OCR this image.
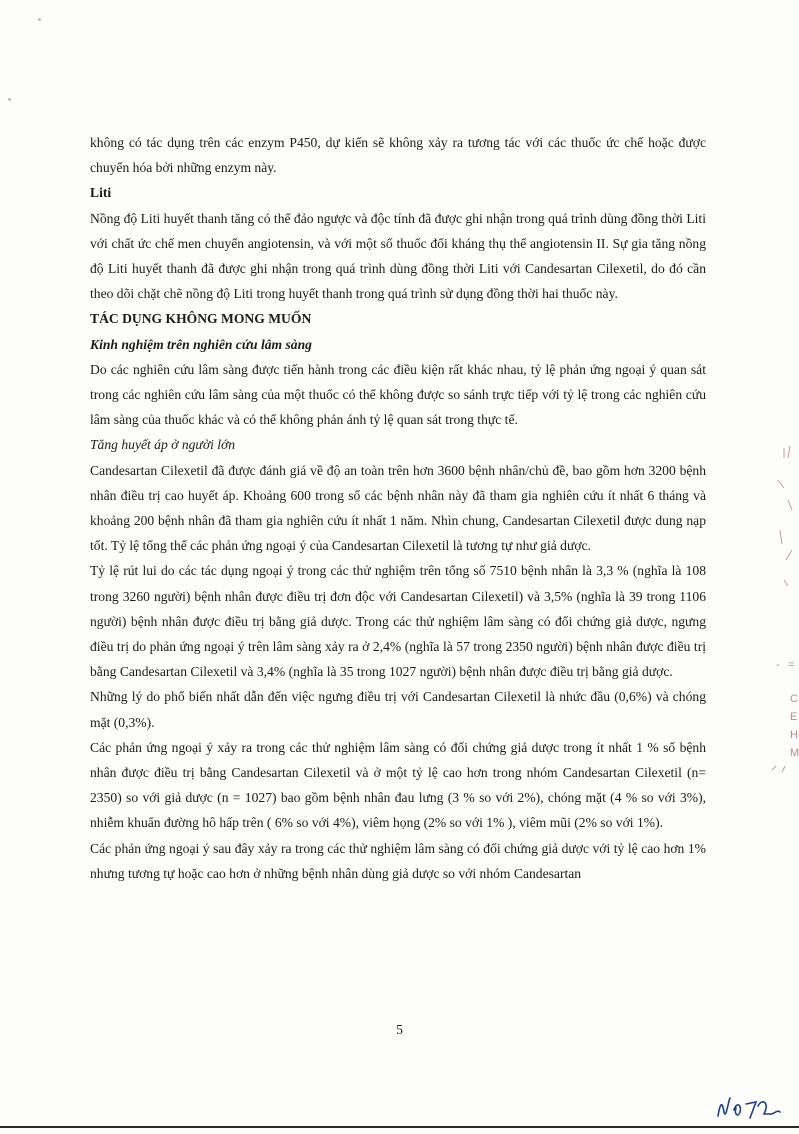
không có tác dụng trên các enzym P450, dự kiến sẽ không xảy ra tương tác với các thuốc ức chế hoặc được chuyển hóa bởi những enzym này.

Liti

Nồng độ Liti huyết thanh tăng có thể đảo ngược và độc tính đã được ghi nhận trong quá trình dùng đồng thời Liti với chất ức chế men chuyển angiotensin, và với một số thuốc đối kháng thụ thể angiotensin II. Sự gia tăng nồng độ Liti huyết thanh đã được ghi nhận trong quá trình dùng đồng thời Liti với Candesartan Cilexetil, do đó cần theo dõi chặt chẽ nồng độ Liti trong huyết thanh trong quá trình sử dụng đồng thời hai thuốc này.

TÁC DỤNG KHÔNG MONG MUỐN

Kinh nghiệm trên nghiên cứu lâm sàng

Do các nghiên cứu lâm sàng được tiến hành trong các điều kiện rất khác nhau, tỷ lệ phản ứng ngoại ý quan sát trong các nghiên cứu lâm sàng của một thuốc có thể không được so sánh trực tiếp với tỷ lệ trong các nghiên cứu lâm sàng của thuốc khác và có thể không phản ánh tỷ lệ quan sát trong thực tế.

Tăng huyết áp ở người lớn

Candesartan Cilexetil đã được đánh giá về độ an toàn trên hơn 3600 bệnh nhân/chủ đề, bao gồm hơn 3200 bệnh nhân điều trị cao huyết áp. Khoảng 600 trong số các bệnh nhân này đã tham gia nghiên cứu ít nhất 6 tháng và khoảng 200 bệnh nhân đã tham gia nghiên cứu ít nhất 1 năm. Nhìn chung, Candesartan Cilexetil được dung nạp tốt. Tỷ lệ tổng thể các phản ứng ngoại ý của Candesartan Cilexetil là tương tự như giả dược.

Tỷ lệ rút lui do các tác dụng ngoại ý trong các thử nghiệm trên tổng số 7510 bệnh nhân là 3,3 % (nghĩa là 108 trong 3260 người) bệnh nhân được điều trị đơn độc với Candesartan Cilexetil) và 3,5% (nghĩa là 39 trong 1106 người) bệnh nhân được điều trị bằng giả dược. Trong các thử nghiệm lâm sàng có đối chứng giả dược, ngưng điều trị do phản ứng ngoại ý trên lâm sàng xảy ra ở 2,4% (nghĩa là 57 trong 2350 người) bệnh nhân được điều trị bằng Candesartan Cilexetil và 3,4% (nghĩa là 35 trong 1027 người) bệnh nhân được điều trị bằng giả dược.

Những lý do phổ biến nhất dẫn đến việc ngưng điều trị với Candesartan Cilexetil là nhức đầu (0,6%) và chóng mặt (0,3%).

Các phản ứng ngoại ý xảy ra trong các thử nghiệm lâm sàng có đối chứng giả dược trong ít nhất 1 % số bệnh nhân được điều trị bằng Candesartan Cilexetil và ở một tỷ lệ cao hơn trong nhóm Candesartan Cilexetil (n= 2350) so với giả dược (n = 1027) bao gồm bệnh nhân đau lưng (3 % so với 2%), chóng mặt (4 % so với 3%), nhiễm khuẩn đường hô hấp trên ( 6% so với 4%), viêm họng (2% so với 1% ), viêm mũi (2% so với 1%).

Các phản ứng ngoại ý sau đây xảy ra trong các thử nghiệm lâm sàng có đối chứng giả dược với tỷ lệ cao hơn 1% nhưng tương tự hoặc cao hơn ở những bệnh nhân dùng giả dược so với nhóm Candesartan

5
- =
C
E
H
M
